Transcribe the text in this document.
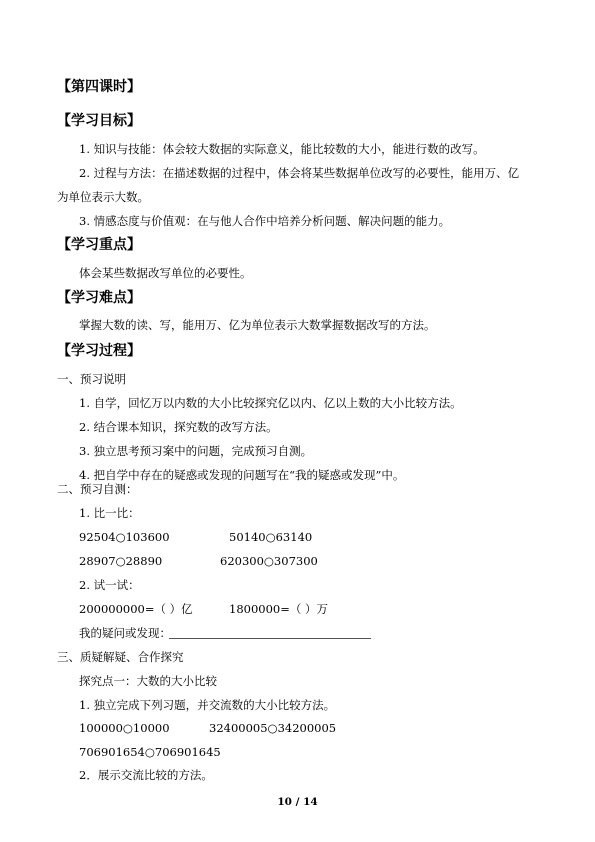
【第四课时】
【学习目标】
1. 知识与技能：体会较大数据的实际意义，能比较数的大小，能进行数的改写。
2. 过程与方法：在描述数据的过程中，体会将某些数据单位改写的必要性，能用万、亿
为单位表示大数。
3. 情感态度与价值观：在与他人合作中培养分析问题、解决问题的能力。
【学习重点】
体会某些数据改写单位的必要性。
【学习难点】
掌握大数的读、写，能用万、亿为单位表示大数掌握数据改写的方法。
【学习过程】
一、预习说明
1. 自学，回忆万以内数的大小比较探究亿以内、亿以上数的大小比较方法。
2. 结合课本知识，探究数的改写方法。
3. 独立思考预习案中的问题，完成预习自测。
4. 把自学中存在的疑惑或发现的问题写在“我的疑惑或发现”中。
二、预习自测：
1. 比一比：
92504○103600	50140○63140
28907○28890	620300○307300
2. 试一试：
200000000=（ ）亿	1800000=（ ）万
我的疑问或发现：
三、质疑解疑、合作探究
探究点一：大数的大小比较
1. 独立完成下列习题，并交流数的大小比较方法。
100000○10000	32400005○34200005
706901654○706901645
2．展示交流比较的方法。
10 / 14
